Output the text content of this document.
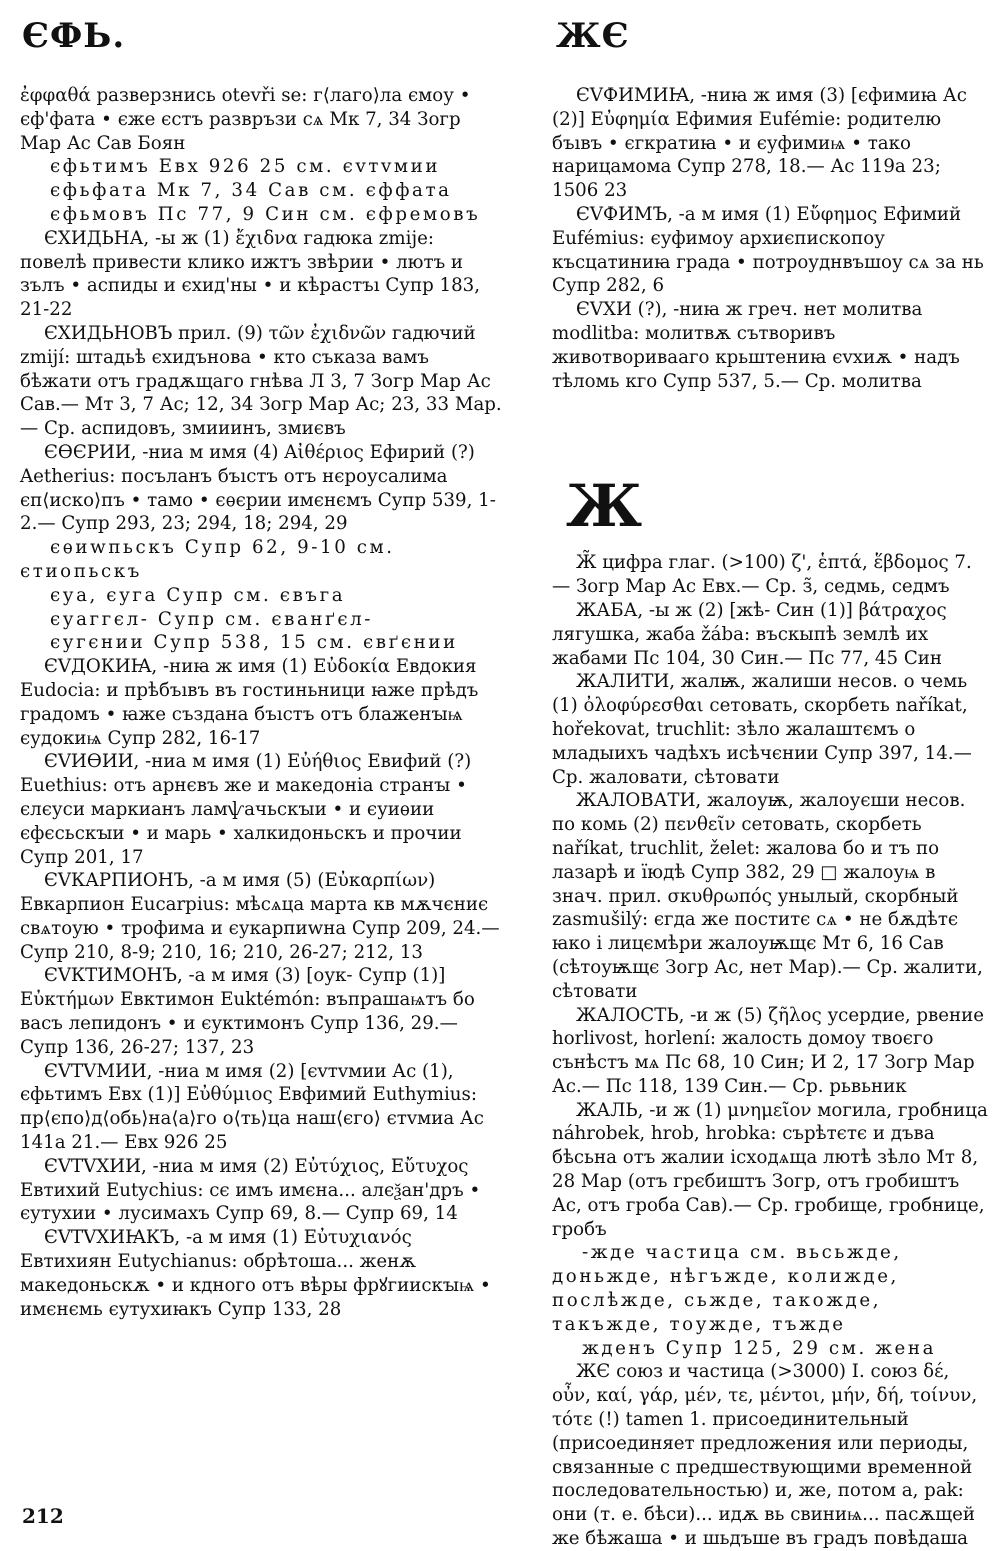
ЄФЬ.	ЖЄ

ἐφφαθά разверзнись otevři se: г⟨лаго⟩ла ємоу • єф'фата • єже єстъ развръзи сѧ Мк 7, 34 Зогр Мар Ас Сав Боян

єфьтимъ Евх 926 25 см. єvтvмии

єфьфата Мк 7, 34 Сав см. єффата

єфьмовъ Пс 77, 9 Син см. єфремовъ

ЄХИДЬНА, -ы ж (1) ἔχιδνα гадюка zmije: повелѣ привести клико ижтъ звѣрии • лютъ и зълъ • аспиды и єхид'ны • и кѣрастъı Супр 183, 21-22

ЄХИДЬНОВЪ прил. (9) τῶν ἐχιδνῶν гадючий zmijí: штадьѣ єхидънова • кто съказа вамъ бѣжати отъ градѫщаго гнѣва Л 3, 7 Зогр Мар Ас Сав.— Мт 3, 7 Ас; 12, 34 Зогр Мар Ас; 23, 33 Мар.— Ср. аспидовъ, змииинъ, змиєвъ

ЄѲЄРИИ, -ниа м имя (4) Αἰθέριος Ефирий (?) Aetherius: посъланъ бъıстъ отъ нєроусалима єп⟨иско⟩пъ • тамо • єѳєрии имєнємъ Супр 539, 1-2.— Супр 293, 23; 294, 18; 294, 29

єѳиwпьскъ Супр 62, 9-10 см. єтиопьскъ

єуа, єуга Супр см. євъга

єуаггєл- Супр см. єванґєл-

єугєнии Супр 538, 15 см. євґєнии

ЄVДОКИꙖ, -ниꙗ ж имя (1) Εὐδοκία Евдокия Eudocia: и прѣбъıвъ въ гостиньници ꙗже прѣдъ градомъ • ꙗже създана бъıстъ отъ блаженꙑѩ єудокиѩ Супр 282, 16-17

ЄVИѲИИ, -ниа м имя (1) Εὐήθιος Евифий (?) Euethius: отъ арнєвъ же и македоніа странꙑ • єлєуси маркианъ ламѱачьскꙑи • и єуиѳии єфєсьскꙑи • и марь • халкидоньскъ и прочии Супр 201, 17

ЄVКАРПИОНЪ, -а м имя (5) (Εὐκαρπίων) Евкарпион Eucarpius: мѣсѧца марта кв мѫчєниє свѧтоую • трофима и єукарпиwна Супр 209, 24.— Супр 210, 8-9; 210, 16; 210, 26-27; 212, 13

ЄVКТИМОНЪ, -а м имя (3) [оук- Супр (1)] Εὐκτήμων Евктимон Euktémón: въпрашаѩтъ бо васъ лепидонъ • и єуктимонъ Супр 136, 29.— Супр 136, 26-27; 137, 23

ЄVТVМИИ, -ниа м имя (2) [єvтvмии Ас (1), єфьтимъ Евх (1)] Εὐθύμιος Евфимий Euthymius: пр⟨єпо⟩д⟨обь⟩на⟨а⟩го о⟨ть⟩ца наш⟨єго⟩ єтvмиа Ас 141а 21.— Евх 926 25

ЄVТVХИИ, -ниа м имя (2) Εὐτύχιος, Εὔτυχος Евтихий Eutychius: сє имъ имєна... алєѯан'дръ • єутухии • лусимахъ Супр 69, 8.— Супр 69, 14

ЄVТVХИꙖКЪ, -а м имя (1) Εὐτυχιανός Евтихиян Eutychianus: обрѣтоша... женѫ македоньскѫ • и кдного отъ вѣры фрꙋгиискꙑѩ • имєнємь єутухиꙗкъ Супр 133, 28

ЄVФИМИꙖ, -ниꙗ ж имя (3) [єфимиꙗ Ас (2)] Εὐφημία Ефимия Eufémie: родителю бъıвъ • єгкратиꙗ • и єуфимиѩ • тако нарицамома Супр 278, 18.— Ас 119а 23; 1506 23

ЄVФИМЪ, -а м имя (1) Εὔφημος Ефимий Eufémius: єуфимоу архиєпископоу късцатиниꙗ града • потроуднвъшоу сѧ за нь Супр 282, 6

ЄVХИ (?), -ниꙗ ж греч. нет молитва modlitba: молитвѫ сътворивъ животворивааго крьштениꙗ єvхиѫ • надъ тѣломь кго Супр 537, 5.— Ср. молитва

Ж

Ж̃ цифра глаг. (>100) ζ', ἑπτά, ἕβδομος 7.— Зогр Мар Ас Евх.— Ср. з̃, седмь, седмъ

ЖАБА, -ы ж (2) [жѣ- Син (1)] βάτραχος лягушка, жаба žába: въскыпѣ землѣ их жабами Пс 104, 30 Син.— Пс 77, 45 Син

ЖАЛИТИ, жалѭ, жалиши несов. о чемь (1) ὀλοφύρεσθαι сетовать, скорбеть naříkat, hořekovat, truchlit: зѣло жалаштємъ о младыихъ чадѣхъ исѣчєнии Супр 397, 14.— Ср. жаловати, сѣтовати

ЖАЛОВАТИ, жалоуѭ, жалоуєши несов. по комь (2) πενθεῖν сетовать, скорбеть naříkat, truchlit, želet: жалова бо и тъ по лазарѣ и їюдѣ Супр 382, 29 □ жалоуѩ в знач. прил. σκυθρωπός унылый, скорбный zasmušilý: єгда же поститє сѧ • не бѫдѣтє ꙗко і лицємѣри жалоуѭщє Мт 6, 16 Сав (сѣтоуѭщє Зогр Ас, нет Мар).— Ср. жалити, сѣтовати

ЖАЛОСТЬ, -и ж (5) ζῆλος усердие, рвение horlivost, horlení: жалость домоу твоєго сънѣстъ мѧ Пс 68, 10 Син; И 2, 17 Зогр Мар Ас.— Пс 118, 139 Син.— Ср. рьвьник

ЖАЛЬ, -и ж (1) μνημεῖον могила, гробница náhrobek, hrob, hrobka: сърѣтєтє и дъва бѣсьна отъ жалии ісходѧща лютѣ зѣло Мт 8, 28 Мар (отъ грєбиштъ Зогр, отъ гробиштъ Ас, отъ гроба Сав).— Ср. гробище, гробнице, гробъ

-жде частица см. вьсьжде, доньжде, нѣгъжде, колижде, послѣжде, сьжде, такожде, такъжде, тоужде, тъжде

жденъ Супр 125, 29 см. жена

ЖЄ союз и частица (>3000) I. союз δέ, οὖν, καί, γάρ, μέν, τε, μέντοι, μήν, δή, τοίνυν, τότε (!) tamen 1. присоединительный (присоединяет предложения или периоды, связанные с предшествующими временной последовательностью) и, же, потом а, pak: они (т. е. бѣси)... идѫ вь свиниѩ... пасѫщей же бѣжаша • и шьдъше въ градъ повѣдаша

212
